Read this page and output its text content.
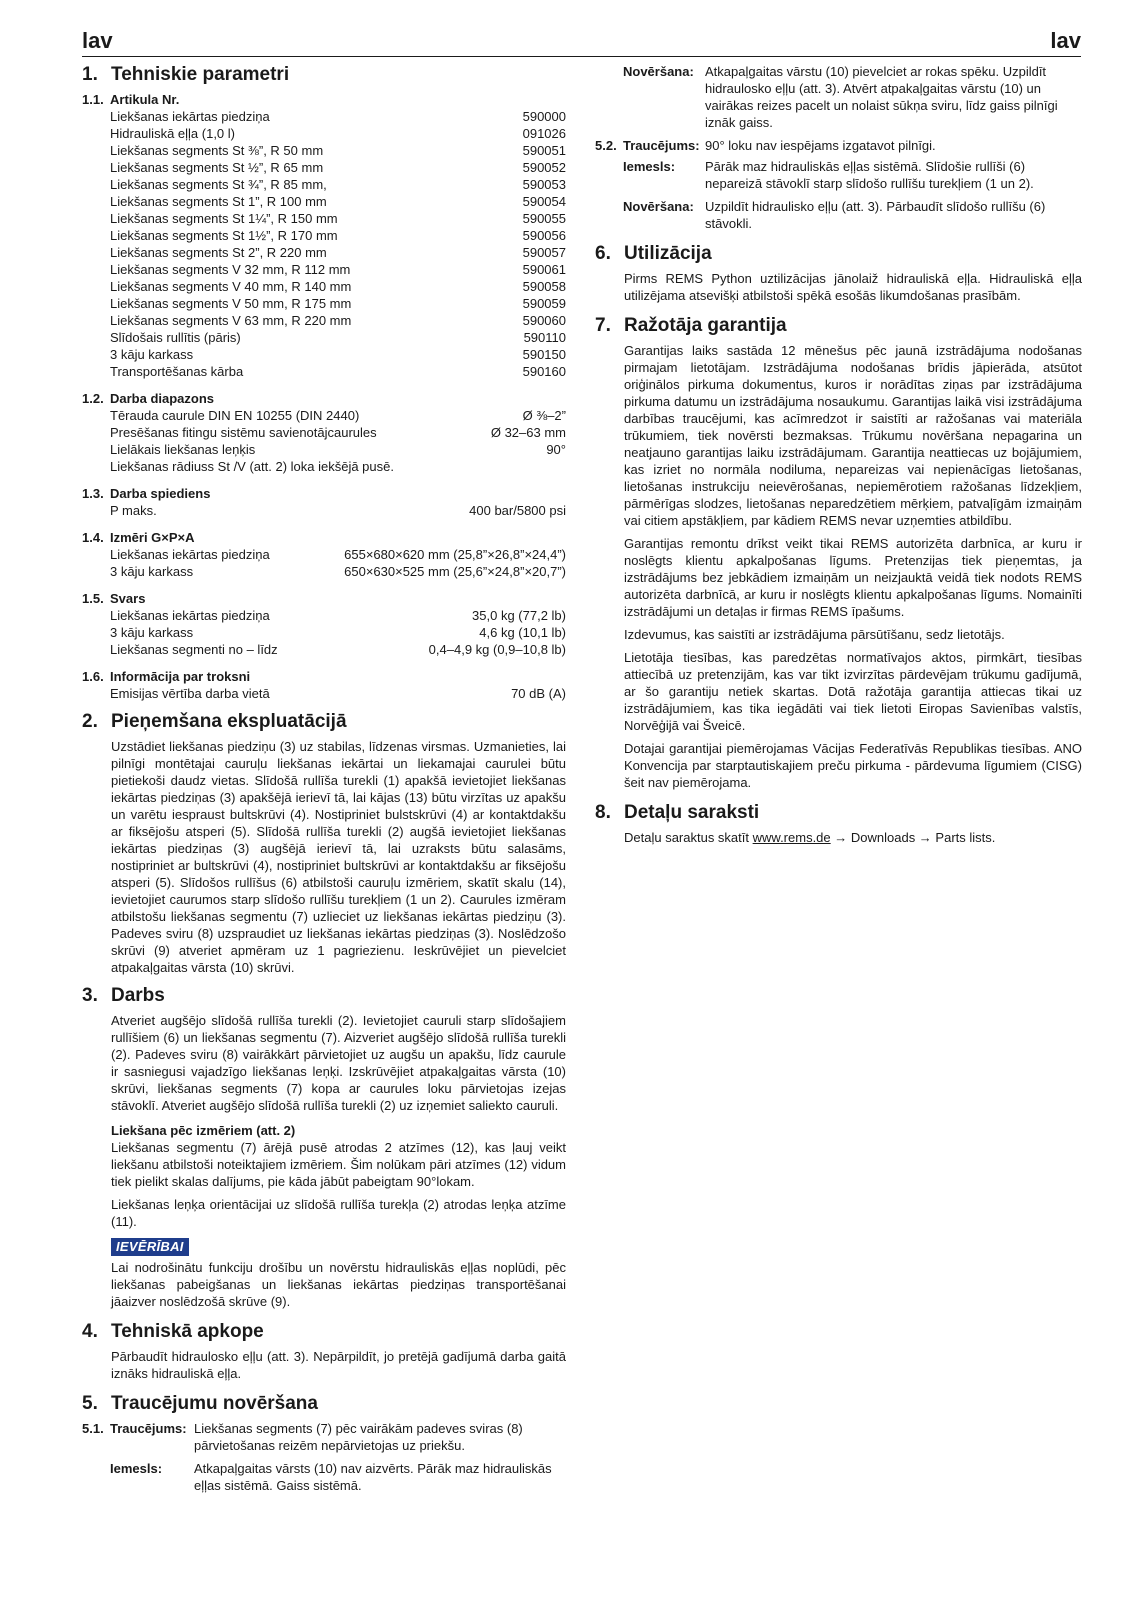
lav	lav
1. Tehniskie parametri
1.1. Artikula Nr.
Liekšanas iekārtas piedziņa	590000
Hidrauliskā eļļa (1,0 l)	091026
Liekšanas segments St ⅜”, R 50 mm	590051
Liekšanas segments St ½”, R 65 mm	590052
Liekšanas segments St ¾”, R 85 mm,	590053
Liekšanas segments St 1”, R 100 mm	590054
Liekšanas segments St 1¼”, R 150 mm	590055
Liekšanas segments St 1½”, R 170 mm	590056
Liekšanas segments St 2”, R 220 mm	590057
Liekšanas segments V 32 mm, R 112 mm	590061
Liekšanas segments V 40 mm, R 140 mm	590058
Liekšanas segments V 50 mm, R 175 mm	590059
Liekšanas segments V 63 mm, R 220 mm	590060
Slīdošais rullītis (pāris)	590110
3 kāju karkass	590150
Transportēšanas kārba	590160
1.2. Darba diapazons
Tērauda caurule DIN EN 10255 (DIN 2440)	Ø ⅜–2”
Presēšanas fitingu sistēmu savienotājcaurules	Ø 32–63 mm
Lielākais liekšanas leņķis	90°
Liekšanas rādiuss St /V (att. 2) loka iekšējā pusē.
1.3. Darba spiediens
P maks.	400 bar/5800 psi
1.4. Izmēri G×P×A
Liekšanas iekārtas piedziņa	655×680×620 mm (25,8”×26,8”×24,4”)
3 kāju karkass	650×630×525 mm (25,6”×24,8”×20,7”)
1.5. Svars
Liekšanas iekārtas piedziņa	35,0 kg (77,2 lb)
3 kāju karkass	4,6 kg (10,1 lb)
Liekšanas segmenti no – līdz	0,4–4,9 kg (0,9–10,8 lb)
1.6. Informācija par troksni
Emisijas vērtība darba vietā	70 dB (A)
2. Pieņemšana ekspluatācijā

Uzstādiet liekšanas piedziņu (3) uz stabilas, līdzenas virsmas. Uzmanieties, lai pilnīgi montētajai cauruļu liekšanas iekārtai un liekamajai caurulei būtu pietiekoši daudz vietas. Slīdošā rullīša turekli (1) apakšā ievietojiet liekšanas iekārtas piedziņas (3) apakšējā ierievī tā, lai kājas (13) būtu virzītas uz apakšu un varētu iespraust bultskrūvi (4). Nostipriniet bulstskrūvi (4) ar kontaktdakšu ar fiksējošu atsperi (5). Slīdošā rullīša turekli (2) augšā ievietojiet liekšanas iekārtas piedziņas (3) augšējā ierievī tā, lai uzraksts būtu salasāms, nostipriniet ar bultskrūvi (4), nostipriniet bultskrūvi ar kontaktdakšu ar fiksējošu atsperi (5). Slīdošos rullīšus (6) atbilstoši cauruļu izmēriem, skatīt skalu (14), ievietojiet caurumos starp slīdošo rullīšu turekļiem (1 un 2). Caurules izmēram atbilstošu liekšanas segmentu (7) uzlieciet uz liekšanas iekārtas piedziņu (3). Padeves sviru (8) uzspraudiet uz liekšanas iekārtas piedziņas (3). Noslēdzošo skrūvi (9) atveriet apmēram uz 1 pagriezienu. Ieskrūvējiet un pievelciet atpakaļgaitas vārsta (10) skrūvi.

3. Darbs

Atveriet augšējo slīdošā rullīša turekli (2). Ievietojiet cauruli starp slīdošajiem rullīšiem (6) un liekšanas segmentu (7). Aizveriet augšējo slīdošā rullīša turekli (2). Padeves sviru (8) vairākkārt pārvietojiet uz augšu un apakšu, līdz caurule ir sasniegusi vajadzīgo liekšanas leņķi. Izskrūvējiet atpakaļgaitas vārsta (10) skrūvi, liekšanas segments (7) kopa ar caurules loku pārvietojas izejas stāvoklī. Atveriet augšējo slīdošā rullīša turekli (2) uz izņemiet saliekto cauruli.

Liekšana pēc izmēriem (att. 2)

Liekšanas segmentu (7) ārējā pusē atrodas 2 atzīmes (12), kas ļauj veikt liekšanu atbilstoši noteiktajiem izmēriem. Šim nolūkam pāri atzīmes (12) vidum tiek pielikt skalas dalījums, pie kāda jābūt pabeigtam 90°lokam.

Liekšanas leņķa orientācijai uz slīdošā rullīša turekļa (2) atrodas leņķa atzīme (11).

IEVĒRĪBAI

Lai nodrošinātu funkciju drošību un novērstu hidrauliskās eļļas noplūdi, pēc liekšanas pabeigšanas un liekšanas iekārtas piedziņas transportēšanai jāaizver noslēdzošā skrūve (9).

4. Tehniskā apkope

Pārbaudīt hidraulosko eļļu (att. 3). Nepārpildīt, jo pretējā gadījumā darba gaitā iznāks hidrauliskā eļļa.

5. Traucējumu novēršana
5.1. Traucējums: Liekšanas segments (7) pēc vairākām padeves sviras (8) pārvietošanas reizēm nepārvietojas uz priekšu.
Iemesls:	Atkapaļgaitas vārsts (10) nav aizvērts. Pārāk maz hidrauliskās eļļas sistēmā. Gaiss sistēmā.
Novēršana: Atkapaļgaitas vārstu (10) pievelciet ar rokas spēku. Uzpildīt hidraulosko eļļu (att. 3). Atvērt atpakaļgaitas vārstu (10) un vairākas reizes pacelt un nolaist sūkņa sviru, līdz gaiss pilnīgi iznāk gaiss.
5.2. Traucējums: 90° loku nav iespējams izgatavot pilnīgi.
Iemesls:	Pārāk maz hidrauliskās eļļas sistēmā. Slīdošie rullīši (6) nepareizā stāvoklī starp slīdošo rullīšu turekļiem (1 un 2).
Novēršana: Uzpildīt hidraulisko eļļu (att. 3). Pārbaudīt slīdošo rullīšu (6) stāvokli.
6. Utilizācija

Pirms REMS Python uztilizācijas jānolaiž hidrauliskā eļļa. Hidrauliskā eļļa utilizējama atsevišķi atbilstoši spēkā esošās likumdošanas prasībām.

7. Ražotāja garantija

Garantijas laiks sastāda 12 mēnešus pēc jaunā izstrādājuma nodošanas pirmajam lietotājam. Izstrādājuma nodošanas brīdis jāpierāda, atsūtot oriģinālos pirkuma dokumentus, kuros ir norādītas ziņas par izstrādājuma pirkuma datumu un izstrādājuma nosaukumu. Garantijas laikā visi izstrādājuma darbības traucējumi, kas acīmredzot ir saistīti ar ražošanas vai materiāla trūkumiem, tiek novērsti bezmaksas. Trūkumu novēršana nepagarina un neatjauno garantijas laiku izstrādājumam. Garantija neattiecas uz bojājumiem, kas izriet no normāla nodiluma, nepareizas vai nepienācīgas lietošanas, lietošanas instrukciju neievērošanas, nepiemērotiem ražošanas līdzekļiem, pārmērīgas slodzes, lietošanas neparedzētiem mērķiem, patvaļīgām izmaiņām vai citiem apstākļiem, par kādiem REMS nevar uzņemties atbildību.

Garantijas remontu drīkst veikt tikai REMS autorizēta darbnīca, ar kuru ir noslēgts klientu apkalpošanas līgums. Pretenzijas tiek pieņemtas, ja izstrādājums bez jebkādiem izmaiņām un neizjauktā veidā tiek nodots REMS autorizēta darbnīcā, ar kuru ir noslēgts klientu apkalpošanas līgums. Nomainīti izstrādājumi un detaļas ir firmas REMS īpašums.

Izdevumus, kas saistīti ar izstrādājuma pārsūtīšanu, sedz lietotājs.

Lietotāja tiesības, kas paredzētas normatīvajos aktos, pirmkārt, tiesības attiecībā uz pretenzijām, kas var tikt izvirzītas pārdevējam trūkumu gadījumā, ar šo garantiju netiek skartas. Dotā ražotāja garantija attiecas tikai uz izstrādājumiem, kas tika iegādāti vai tiek lietoti Eiropas Savienības valstīs, Norvēģijā vai Šveicē.

Dotajai garantijai piemērojamas Vācijas Federatīvās Republikas tiesības. ANO Konvencija par starptautiskajiem preču pirkuma - pārdevuma līgumiem (CISG) šeit nav piemērojama.

8. Detaļu saraksti

Detaļu saraktus skatīt www.rems.de → Downloads → Parts lists.
